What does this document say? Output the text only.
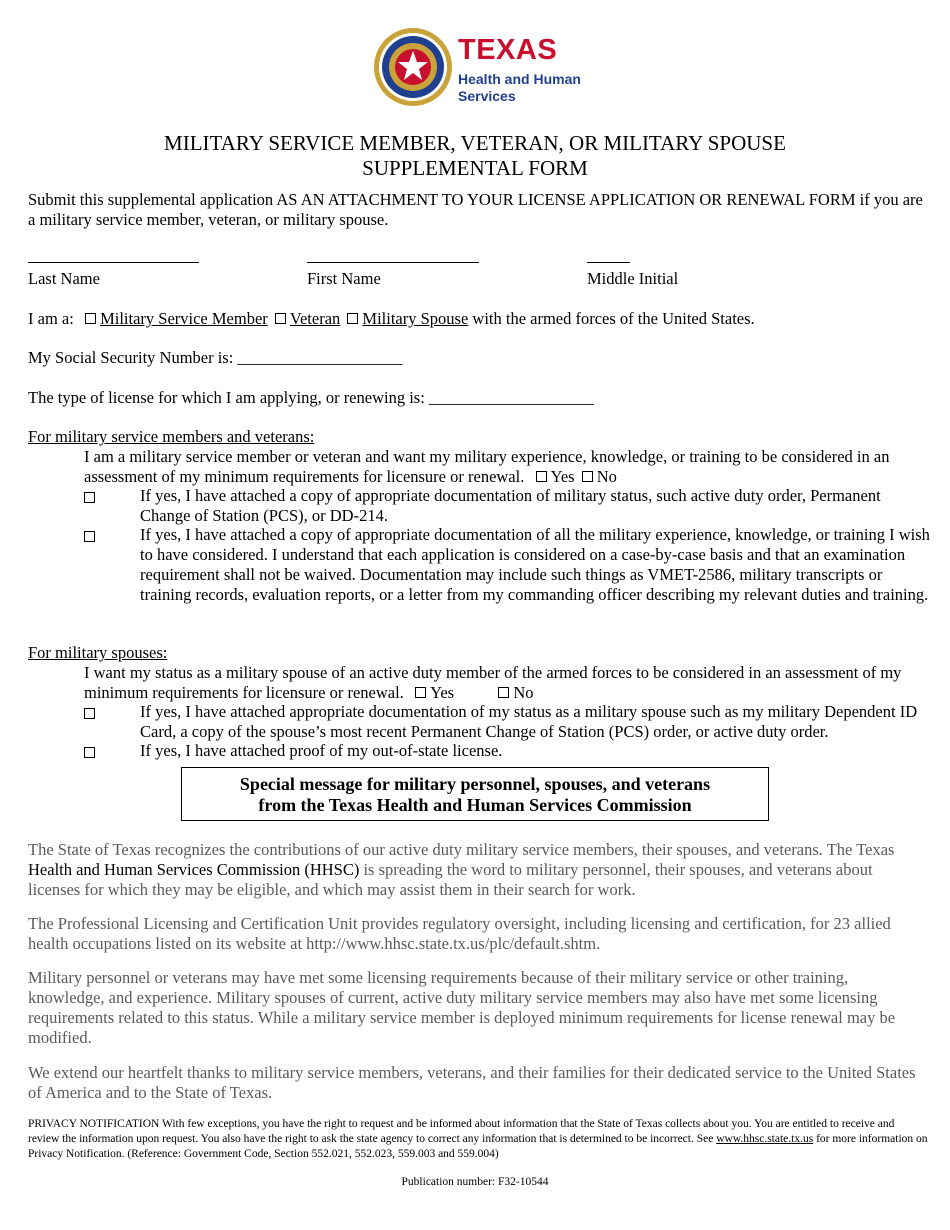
TEXAS
Health and Human
Services
MILITARY SERVICE MEMBER, VETERAN, OR MILITARY SPOUSE
SUPPLEMENTAL FORM
Submit this supplemental application AS AN ATTACHMENT TO YOUR LICENSE APPLICATION OR RENEWAL FORM if you are a military service member, veteran, or military spouse.
Last Name	First Name	Middle Initial
I am a: Military Service Member Veteran Military Spouse with the armed forces of the United States.
My Social Security Number is: ____________________
The type of license for which I am applying, or renewing is: ____________________
For military service members and veterans:
I am a military service member or veteran and want my military experience, knowledge, or training to be considered in an assessment of my minimum requirements for licensure or renewal. Yes No
If yes, I have attached a copy of appropriate documentation of military status, such active duty order, Permanent Change of Station (PCS), or DD-214.
If yes, I have attached a copy of appropriate documentation of all the military experience, knowledge, or training I wish to have considered. I understand that each application is considered on a case-by-case basis and that an examination requirement shall not be waived. Documentation may include such things as VMET-2586, military transcripts or training records, evaluation reports, or a letter from my commanding officer describing my relevant duties and training.
For military spouses:
I want my status as a military spouse of an active duty member of the armed forces to be considered in an assessment of my minimum requirements for licensure or renewal. Yes	No
If yes, I have attached appropriate documentation of my status as a military spouse such as my military Dependent ID Card, a copy of the spouse’s most recent Permanent Change of Station (PCS) order, or active duty order.
If yes, I have attached proof of my out-of-state license.
Special message for military personnel, spouses, and veterans
from the Texas Health and Human Services Commission
The State of Texas recognizes the contributions of our active duty military service members, their spouses, and veterans. The Texas Health and Human Services Commission (HHSC) is spreading the word to military personnel, their spouses, and veterans about licenses for which they may be eligible, and which may assist them in their search for work.
The Professional Licensing and Certification Unit provides regulatory oversight, including licensing and certification, for 23 allied health occupations listed on its website at http://www.hhsc.state.tx.us/plc/default.shtm.
Military personnel or veterans may have met some licensing requirements because of their military service or other training, knowledge, and experience. Military spouses of current, active duty military service members may also have met some licensing requirements related to this status. While a military service member is deployed minimum requirements for license renewal may be modified.
We extend our heartfelt thanks to military service members, veterans, and their families for their dedicated service to the United States of America and to the State of Texas.
PRIVACY NOTIFICATION With few exceptions, you have the right to request and be informed about information that the State of Texas collects about you. You are entitled to receive and review the information upon request. You also have the right to ask the state agency to correct any information that is determined to be incorrect. See www.hhsc.state.tx.us for more information on Privacy Notification. (Reference: Government Code, Section 552.021, 552.023, 559.003 and 559.004)
Publication number: F32-10544
